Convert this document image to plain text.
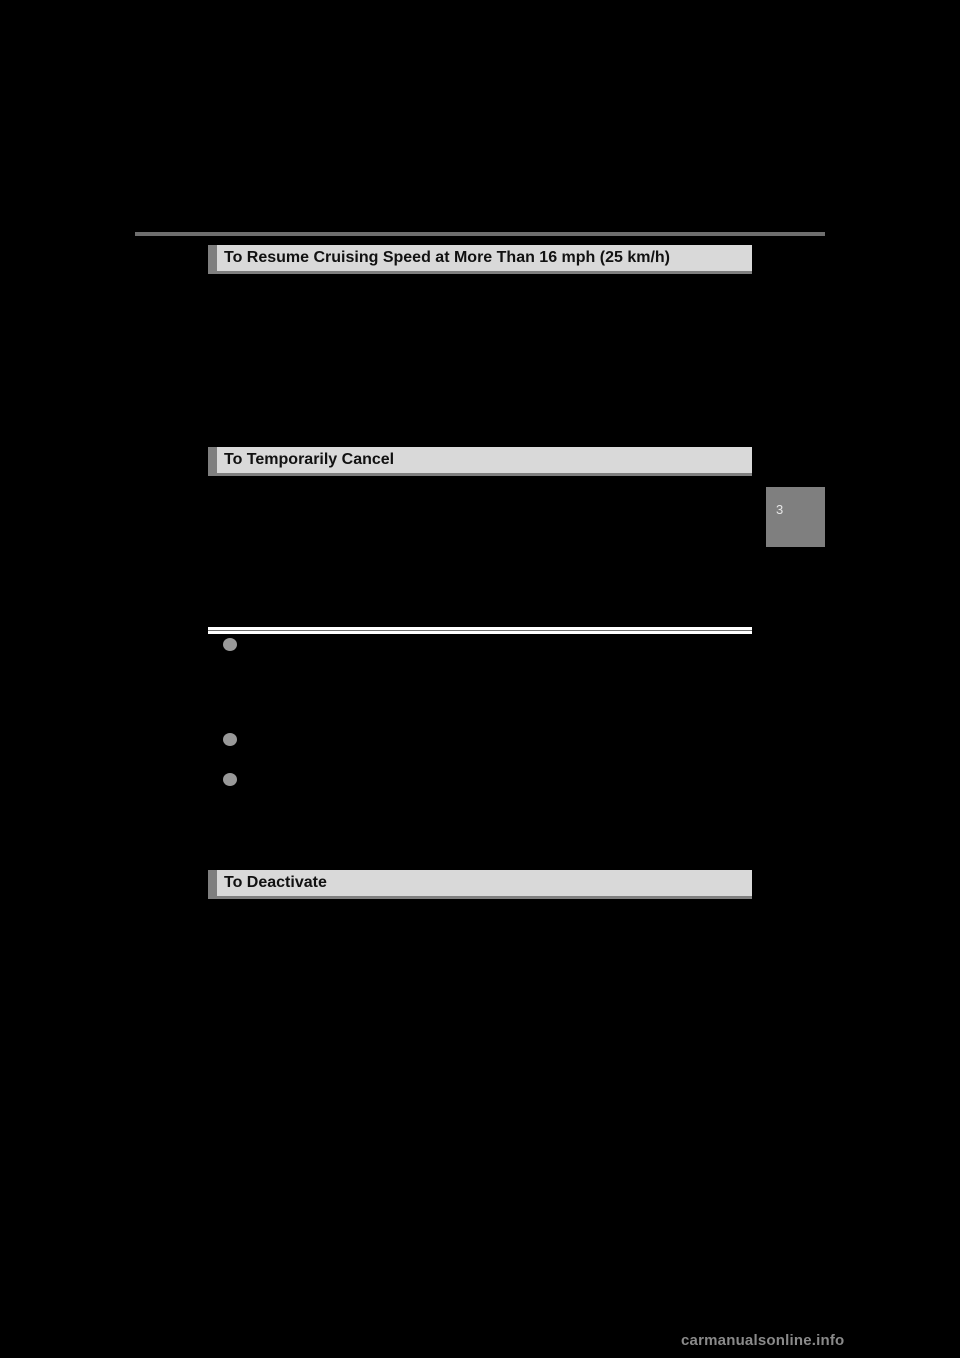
To Resume Cruising Speed at More Than 16 mph (25 km/h)
To Temporarily Cancel
3
To Deactivate
carmanualsonline.info
